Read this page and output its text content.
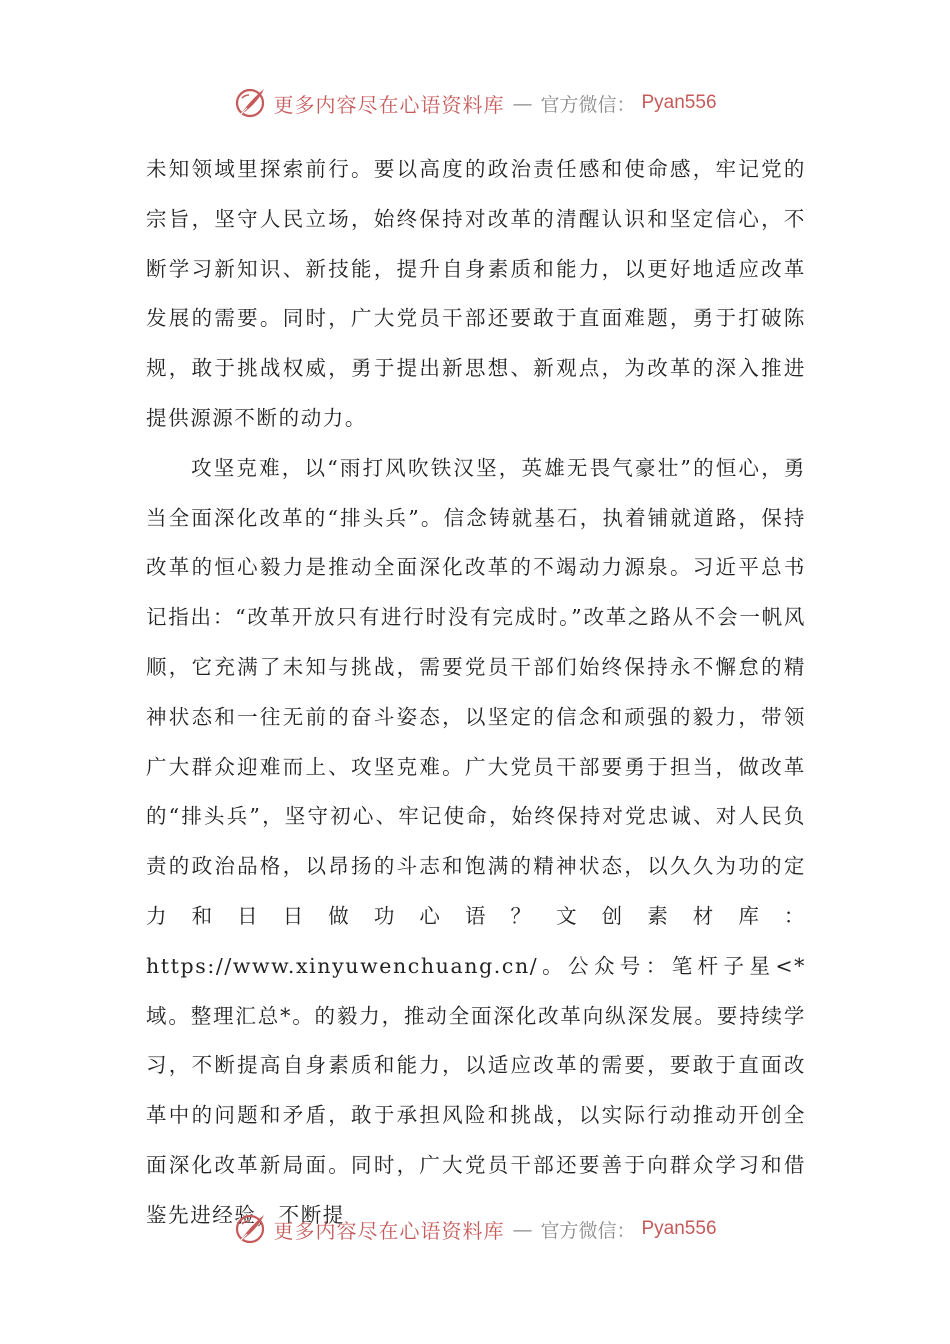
更多内容尽在心语资料库 — 官方微信： Pyan556

未知领域里探索前行。要以高度的政治责任感和使命感，牢记党的宗旨，坚守人民立场，始终保持对改革的清醒认识和坚定信心，不断学习新知识、新技能，提升自身素质和能力，以更好地适应改革发展的需要。同时，广大党员干部还要敢于直面难题，勇于打破陈规，敢于挑战权威，勇于提出新思想、新观点，为改革的深入推进提供源源不断的动力。

攻坚克难，以“雨打风吹铁汉坚，英雄无畏气豪壮”的恒心，勇当全面深化改革的“排头兵”。信念铸就基石，执着铺就道路，保持改革的恒心毅力是推动全面深化改革的不竭动力源泉。习近平总书记指出：“改革开放只有进行时没有完成时。”改革之路从不会一帆风顺，它充满了未知与挑战，需要党员干部们始终保持永不懈怠的精神状态和一往无前的奋斗姿态，以坚定的信念和顽强的毅力，带领广大群众迎难而上、攻坚克难。广大党员干部要勇于担当，做改革的“排头兵”，坚守初心、牢记使命，始终保持对党忠诚、对人民负责的政治品格，以昂扬的斗志和饱满的精神状态，以久久为功的定力和日日做功心语？文创素材库：https://www.xinyuwenchuang.cn/。公众号：笔杆子星<*域。整理汇总*。的毅力，推动全面深化改革向纵深发展。要持续学习，不断提高自身素质和能力，以适应改革的需要，要敢于直面改革中的问题和矛盾，敢于承担风险和挑战，以实际行动推动开创全面深化改革新局面。同时，广大党员干部还要善于向群众学习和借鉴先进经验，不断提

更多内容尽在心语资料库 — 官方微信： Pyan556
